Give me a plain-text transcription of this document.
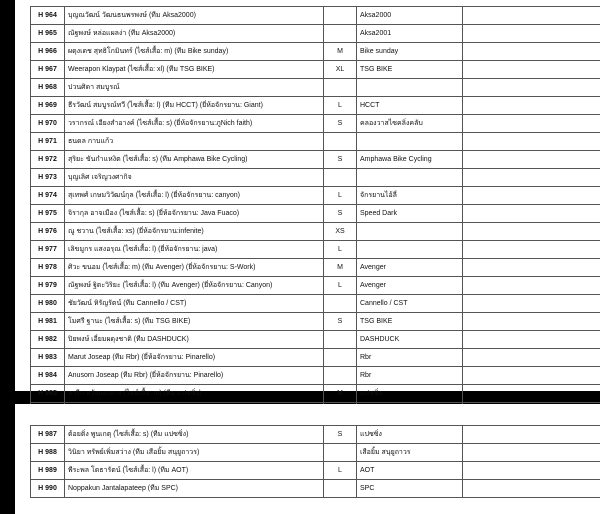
H 964	บุญณวัฒน์ วัฒนธนพรพงษ์ (ทีม Aksa2000)		Aksa2000	
H 965	ณัฐพงษ์ หล่อแผลง่า (ทีม Aksa2000)		Aksa2001	
H 966	ผดุงเดช สุทธิโกมินทร์ (ไซส์เสื้อ: m) (ทีม Bike sunday)	M	Bike sunday	
H 967	Weerapon Klaypat (ไซส์เสื้อ: xl) (ทีม TSG BIKE)	XL	TSG BIKE	
H 968	ปวนศิดา สมบูรณ์			
H 969	ธีรวัฒน์ สมบูรณ์ทวี (ไซส์เสื้อ: l) (ทีม HCCT) (ยี่ห้อจักรยาน: Giant)	L	HCCT	
H 970	วรากรณ์ เอียงสำอางค์ (ไซส์เสื้อ: s) (ยี่ห้อจักรยาน:ภูNich faith)	S	คลองวาสไซคลิ่งคลับ	
H 971	ธนดล กาบแก้ว			
H 972	สุริยะ ขันกำแหงิต (ไซส์เสื้อ: s) (ทีม Amphawa Bike Cycling)	S	Amphawa Bike Cycling	
H 973	บุญเลิศ เจริญวงศากิจ			
H 974	สุเทพศ์ เกษมวิวัฒน์กุล (ไซส์เสื้อ: l) (ยี่ห้อจักรยาน: canyon)	L	จักรยานไอ้ลี่	
H 975	จิรากุล อาจเมือง (ไซส์เสื้อ: s) (ยี่ห้อจักรยาน: Java Fuaco)	S	Speed Dark	
H 976	ณู ชวาน (ไซส์เสื้อ: xs) (ยี่ห้อจักรยาน:infenite)	XS		
H 977	เลิขมูกร แสงอรุณ (ไซส์เสื้อ: l) (ยี่ห้อจักรยาน: java)	L		
H 978	ศิวะ ขนอม (ไซส์เสื้อ: m) (ทีม Avenger) (ยี่ห้อจักรยาน: S-Work)	M	Avenger	
H 979	ณัฐพงษ์ ฐิตะวิริยะ (ไซส์เสื้อ: l) (ทีม Avenger) (ยี่ห้อจักรยาน: Canyon)	L	Avenger	
H 980	ชัยวัฒน์ หิรัญรัตน์ (ทีม Cannello / CST)		Cannello / CST	
H 981	โมศรี ฐานะ (ไซส์เสื้อ: s) (ทีม TSG BIKE)	S	TSG BIKE	
H 982	ปิยพงษ์ เอี่ยมผดุงชาติ (ทีม DASHDUCK)		DASHDUCK	
H 983	Marut Joseap (ทีม Rbr) (ยี่ห้อจักรยาน: Pinarello)		Rbr	
H 984	Anusorn Joseap (ทีม Rbr) (ยี่ห้อจักรยาน: Pinarello)		Rbr	
H 985	จารีก หวังมงกลาง (ไซส์เสื้อ: m) (ทีม แปซซิ่ง)	M	แปซซิ่ง	

H 987	ต้อยติ่ง พูนเกตุ (ไซส์เสื้อ: s) (ทีม แปซซิ่ง)	S	แปซซิ่ง	
H 988	วินิยา ทรัพย์เพิ่มสว่าง (ทีม เสือยิ้ม สนุยูถาวร)		เสือยิ้ม สนุยูถาวร	
H 989	พีระพล โตธารัตน์ (ไซส์เสื้อ: l) (ทีม AOT)	L	AOT	
H 990	Noppakun Jantalapateep (ทีม SPC)		SPC	
[1080x893] https://upic.me/
